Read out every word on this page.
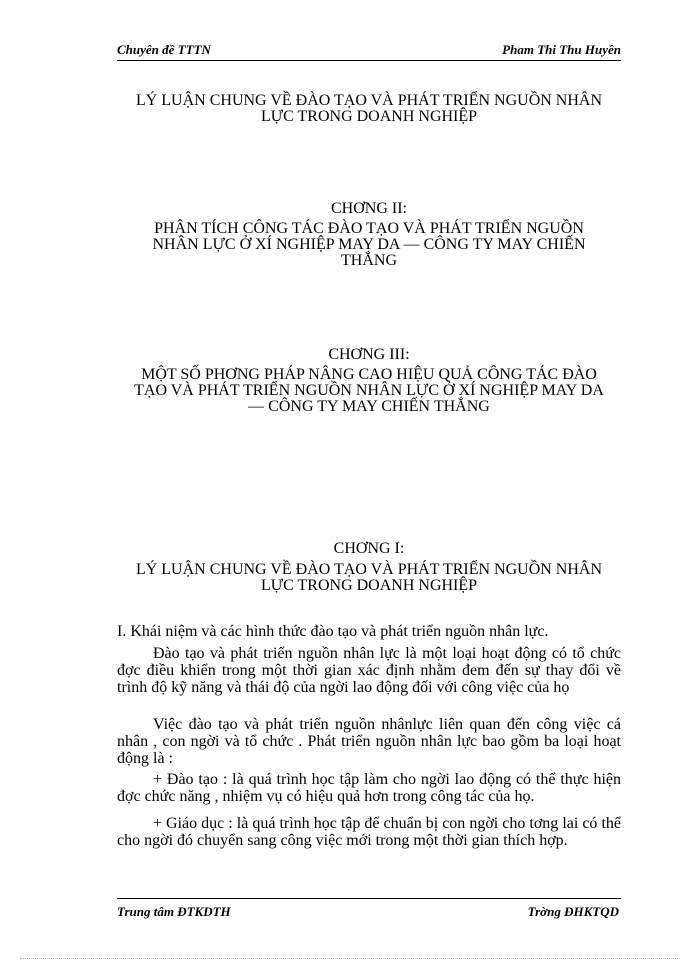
Chuyên đề TTTN	Pham Thi Thu Huyền
LÝ LUẬN CHUNG VỀ ĐÀO TẠO VÀ PHÁT TRIỂN NGUỒN NHÂN
LỰC TRONG DOANH NGHIỆP
CHƠNG II:
PHÂN TÍCH CÔNG TÁC ĐÀO TẠO VÀ PHÁT TRIỂN NGUỒN
NHÂN LỰC Ở XÍ NGHIỆP MAY DA — CÔNG TY MAY CHIẾN
THẮNG
CHƠNG III:
MỘT SỐ PHƠNG PHÁP NÂNG CAO HIỆU QUẢ CÔNG TÁC ĐÀO
TẠO VÀ PHÁT TRIỂN NGUỒN NHÂN LỰC Ở XÍ NGHIỆP MAY DA
— CÔNG TY MAY CHIẾN THẮNG
CHƠNG I:
LÝ LUẬN CHUNG VỀ ĐÀO TẠO VÀ PHÁT TRIỂN NGUỒN NHÂN
LỰC TRONG DOANH NGHIỆP
I. Khái niệm và các hình thức đào tạo và phát triển nguồn nhân lực.
Đào tạo và phát triển nguồn nhân lực là một loại hoạt động có tổ chức đợc điều khiển trong một thời gian xác định nhằm đem đến sự thay đổi về trình độ kỹ năng và thái độ của ngời lao động đối với công việc của họ
Việc đào tạo và phát triển nguồn nhânlực liên quan đến công việc cá nhân , con ngời và tổ chức . Phát triển nguồn nhân lực bao gồm ba loại hoạt động là :
+ Đào tạo : là quá trình học tập làm cho ngời lao động có thể thực hiện đợc chức năng , nhiệm vụ có hiệu quả hơn trong công tác của họ.
+ Giáo dục : là quá trình học tập để chuẩn bị con ngời cho tơng lai có thể cho ngời đó chuyển sang công việc mới trong một thời gian thích hợp.
Trung tâm ĐTKDTH	Trờng ĐHKTQD
